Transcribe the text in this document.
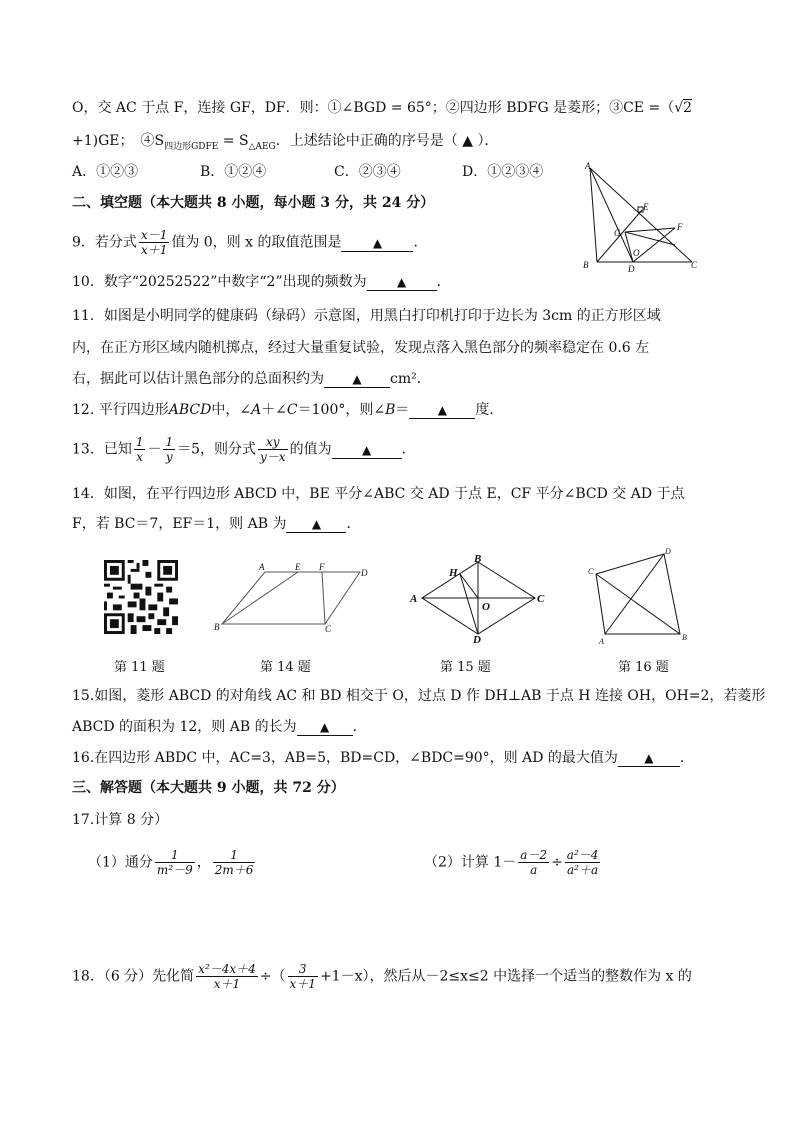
O，交 AC 于点 F，连接 GF，DF．则：①∠BGD = 65°；②四边形 BDFG 是菱形；③CE =（√2
+1)GE；　$④S_{四边形GDFE} = S_{\triangle AEG}$．上述结论中正确的序号是（ ▲ ）．
A．①②③	B．①②④	C．②③④	D．①②③④
二、填空题（本大题共 8 小题，每小题 3 分，共 24 分）
9．若分式 $\frac{x-1}{x+1}$ 值为 0，则 x 的取值范围是	▲ ．
10．数字“20252522”中数字“2”出现的频数为	▲ ．
11．如图是小明同学的健康码（绿码）示意图，用黑白打印机打印于边长为 3cm 的正方形区域
内，在正方形区域内随机掷点，经过大量重复试验，发现点落入黑色部分的频率稳定在 0.6 左
右，据此可以估计黑色部分的总面积约为 ▲ cm²．
12. 平行四边形ABCD中，∠A＋∠C＝100°，则∠B＝ ▲ 度．
13．已知 $\frac{1}{x} - \frac{1}{y} =5$，则分式 $\frac{xy}{y-x}$ 的值为	▲ ．
14．如图，在平行四边形 ABCD 中，BE 平分∠ABC 交 AD 于点 E，CF 平分∠BCD 交 AD 于点
F，若 BC＝7，EF＝1，则 AB 为 ▲ ．
A
E
G
F
O
B	D	C
A	E F
D
B	C
H
B
A
O
C
D
D
C
A	B
第 11 题	第 14 题	第 15 题	第 16 题
15.如图，菱形 ABCD 的对角线 AC 和 BD 相交于 O，过点 D 作 DH⊥AB 于点 H 连接 OH，OH=2，若菱形
ABCD 的面积为 12，则 AB 的长为 ▲ ．
16.在四边形 ABDC 中，AC=3，AB=5，BD=CD，∠BDC=90°，则 AD 的最大值为 ▲ ．
三、解答题（本大题共 9 小题，共 72 分）
17.计算 8 分）
（1）通分 $\frac{1}{\text{m²－9}}$ ， $\frac{1}{2m+6}$	（2）计算 $1- \frac{a-2}{a} \div \frac{\text{a²－4}}{\text{a²＋a}}$
18．（6 分）先化简 $\frac{\text{x²－4x＋4}}{x+1}$ ÷（ $\frac{3}{x+1} +1-x$），然后从－2≤x≤2 中选择一个适当的整数作为 x 的
